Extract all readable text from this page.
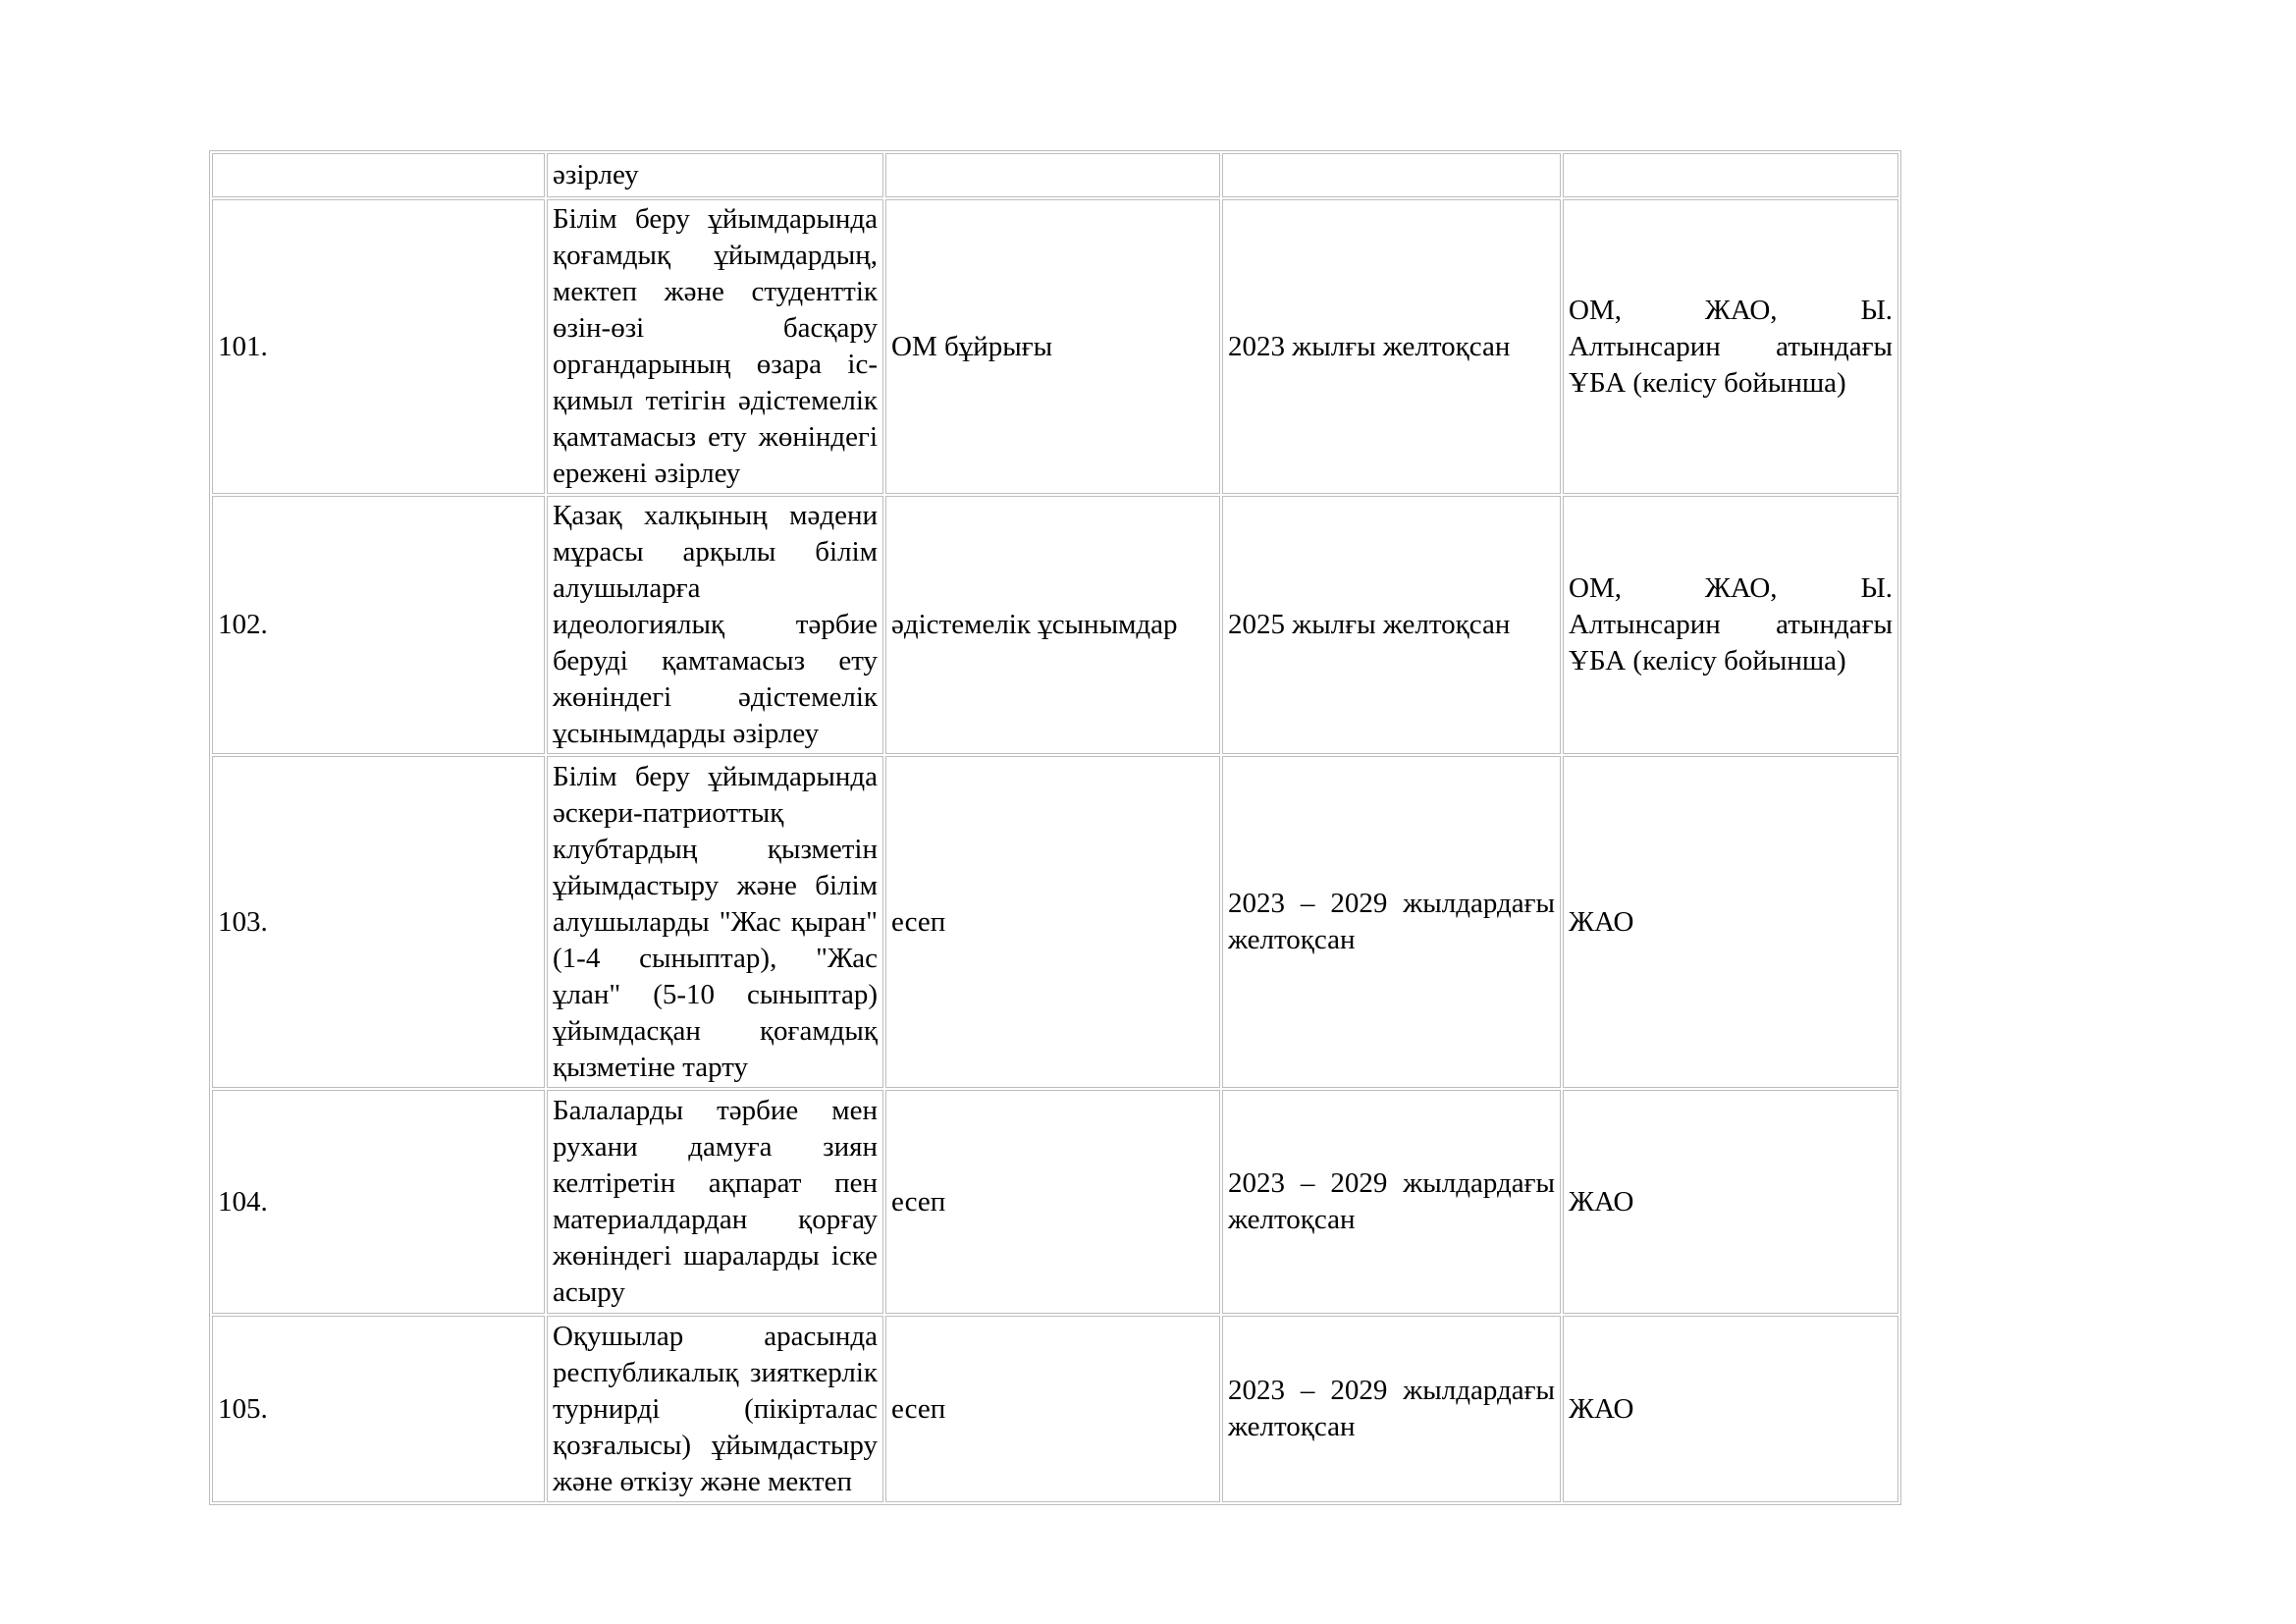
	әзірлеу			
101.	Білім беру ұйымдарында қоғамдық ұйымдардың, мектеп және студенттік өзін-өзі басқару органдарының өзара іс-қимыл тетігін әдістемелік қамтамасыз ету жөніндегі ережені әзірлеу	ОМ бұйрығы	2023 жылғы желтоқсан	ОМ, ЖАО, Ы. Алтынсарин атындағы ҰБА (келісу бойынша)
102.	Қазақ халқының мәдени мұрасы арқылы білім алушыларға идеологиялық тәрбие беруді қамтамасыз ету жөніндегі әдістемелік ұсынымдарды әзірлеу	әдістемелік ұсынымдар	2025 жылғы желтоқсан	ОМ, ЖАО, Ы. Алтынсарин атындағы ҰБА (келісу бойынша)
103.	Білім беру ұйымдарында әскери-патриоттық клубтардың қызметін ұйымдастыру және білім алушыларды "Жас қыран" (1-4 сыныптар), "Жас ұлан" (5-10 сыныптар) ұйымдасқан қоғамдық қызметіне тарту	есеп	2023 – 2029 жылдардағы желтоқсан	ЖАО
104.	Балаларды тәрбие мен рухани дамуға зиян келтіретін ақпарат пен материалдардан қорғау жөніндегі шараларды іске асыру	есеп	2023 – 2029 жылдардағы желтоқсан	ЖАО
105.	Оқушылар арасында республикалық зияткерлік турнирді (пікірталас қозғалысы) ұйымдастыру және өткізу және мектеп	есеп	2023 – 2029 жылдардағы желтоқсан	ЖАО
